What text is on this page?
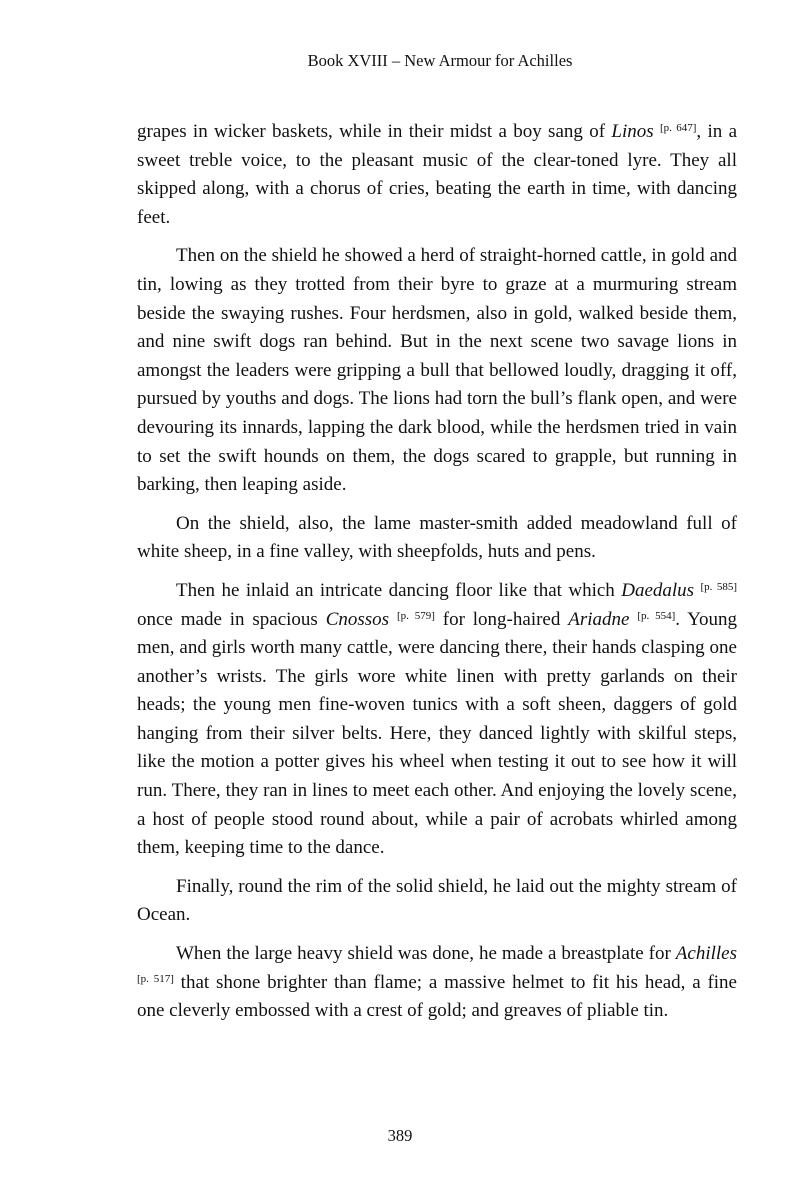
Book XVIII – New Armour for Achilles

grapes in wicker baskets, while in their midst a boy sang of Linos [p. 647], in a sweet treble voice, to the pleasant music of the clear-toned lyre. They all skipped along, with a chorus of cries, beating the earth in time, with dancing feet.

Then on the shield he showed a herd of straight-horned cattle, in gold and tin, lowing as they trotted from their byre to graze at a murmuring stream beside the swaying rushes. Four herdsmen, also in gold, walked beside them, and nine swift dogs ran behind. But in the next scene two savage lions in amongst the leaders were gripping a bull that bellowed loudly, dragging it off, pursued by youths and dogs. The lions had torn the bull’s flank open, and were devouring its innards, lapping the dark blood, while the herdsmen tried in vain to set the swift hounds on them, the dogs scared to grapple, but running in barking, then leaping aside.

On the shield, also, the lame master-smith added meadowland full of white sheep, in a fine valley, with sheepfolds, huts and pens.

Then he inlaid an intricate dancing floor like that which Daedalus [p. 585] once made in spacious Cnossos [p. 579] for long-haired Ariadne [p. 554]. Young men, and girls worth many cattle, were dancing there, their hands clasping one another’s wrists. The girls wore white linen with pretty garlands on their heads; the young men fine-woven tunics with a soft sheen, daggers of gold hanging from their silver belts. Here, they danced lightly with skilful steps, like the motion a potter gives his wheel when testing it out to see how it will run. There, they ran in lines to meet each other. And enjoying the lovely scene, a host of people stood round about, while a pair of acrobats whirled among them, keeping time to the dance.

Finally, round the rim of the solid shield, he laid out the mighty stream of Ocean.

When the large heavy shield was done, he made a breastplate for Achilles [p. 517] that shone brighter than flame; a massive helmet to fit his head, a fine one cleverly embossed with a crest of gold; and greaves of pliable tin.

389
